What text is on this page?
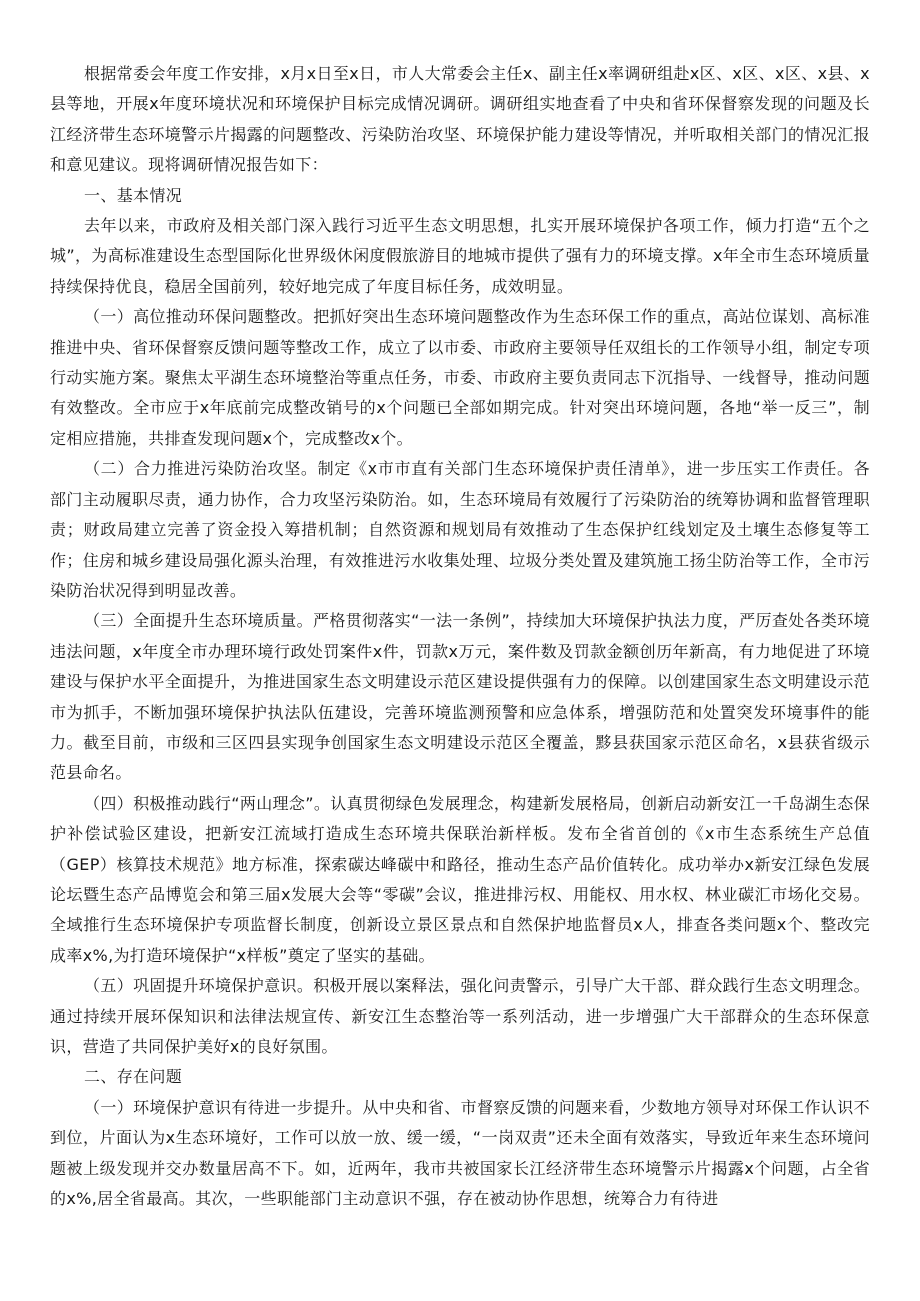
根据常委会年度工作安排，x月x日至x日，市人大常委会主任x、副主任x率调研组赴x区、x区、x区、x县、x县等地，开展x年度环境状况和环境保护目标完成情况调研。调研组实地查看了中央和省环保督察发现的问题及长江经济带生态环境警示片揭露的问题整改、污染防治攻坚、环境保护能力建设等情况，并听取相关部门的情况汇报和意见建议。现将调研情况报告如下：

一、基本情况

去年以来，市政府及相关部门深入践行习近平生态文明思想，扎实开展环境保护各项工作，倾力打造“五个之城”，为高标准建设生态型国际化世界级休闲度假旅游目的地城市提供了强有力的环境支撑。x年全市生态环境质量持续保持优良，稳居全国前列，较好地完成了年度目标任务，成效明显。

（一）高位推动环保问题整改。把抓好突出生态环境问题整改作为生态环保工作的重点，高站位谋划、高标准推进中央、省环保督察反馈问题等整改工作，成立了以市委、市政府主要领导任双组长的工作领导小组，制定专项行动实施方案。聚焦太平湖生态环境整治等重点任务，市委、市政府主要负责同志下沉指导、一线督导，推动问题有效整改。全市应于x年底前完成整改销号的x个问题已全部如期完成。针对突出环境问题，各地“举一反三”，制定相应措施，共排查发现问题x个，完成整改x个。

（二）合力推进污染防治攻坚。制定《x市市直有关部门生态环境保护责任清单》，进一步压实工作责任。各部门主动履职尽责，通力协作，合力攻坚污染防治。如，生态环境局有效履行了污染防治的统筹协调和监督管理职责；财政局建立完善了资金投入筹措机制；自然资源和规划局有效推动了生态保护红线划定及土壤生态修复等工作；住房和城乡建设局强化源头治理，有效推进污水收集处理、垃圾分类处置及建筑施工扬尘防治等工作，全市污染防治状况得到明显改善。

（三）全面提升生态环境质量。严格贯彻落实“一法一条例”，持续加大环境保护执法力度，严厉查处各类环境违法问题，x年度全市办理环境行政处罚案件x件，罚款x万元，案件数及罚款金额创历年新高，有力地促进了环境建设与保护水平全面提升，为推进国家生态文明建设示范区建设提供强有力的保障。以创建国家生态文明建设示范市为抓手，不断加强环境保护执法队伍建设，完善环境监测预警和应急体系，增强防范和处置突发环境事件的能力。截至目前，市级和三区四县实现争创国家生态文明建设示范区全覆盖，黟县获国家示范区命名，x县获省级示范县命名。

（四）积极推动践行“两山理念”。认真贯彻绿色发展理念，构建新发展格局，创新启动新安江一千岛湖生态保护补偿试验区建设，把新安江流域打造成生态环境共保联治新样板。发布全省首创的《x市生态系统生产总值（GEP）核算技术规范》地方标准，探索碳达峰碳中和路径，推动生态产品价值转化。成功举办x新安江绿色发展论坛暨生态产品博览会和第三届x发展大会等“零碳”会议，推进排污权、用能权、用水权、林业碳汇市场化交易。全域推行生态环境保护专项监督长制度，创新设立景区景点和自然保护地监督员x人，排查各类问题x个、整改完成率x%,为打造环境保护“x样板”奠定了坚实的基础。

（五）巩固提升环境保护意识。积极开展以案释法，强化问责警示，引导广大干部、群众践行生态文明理念。通过持续开展环保知识和法律法规宣传、新安江生态整治等一系列活动，进一步增强广大干部群众的生态环保意识，营造了共同保护美好x的良好氛围。

二、存在问题

（一）环境保护意识有待进一步提升。从中央和省、市督察反馈的问题来看，少数地方领导对环保工作认识不到位，片面认为x生态环境好，工作可以放一放、缓一缓，“一岗双责”还未全面有效落实，导致近年来生态环境问题被上级发现并交办数量居高不下。如，近两年，我市共被国家长江经济带生态环境警示片揭露x个问题，占全省的x%,居全省最高。其次，一些职能部门主动意识不强，存在被动协作思想，统筹合力有待进
